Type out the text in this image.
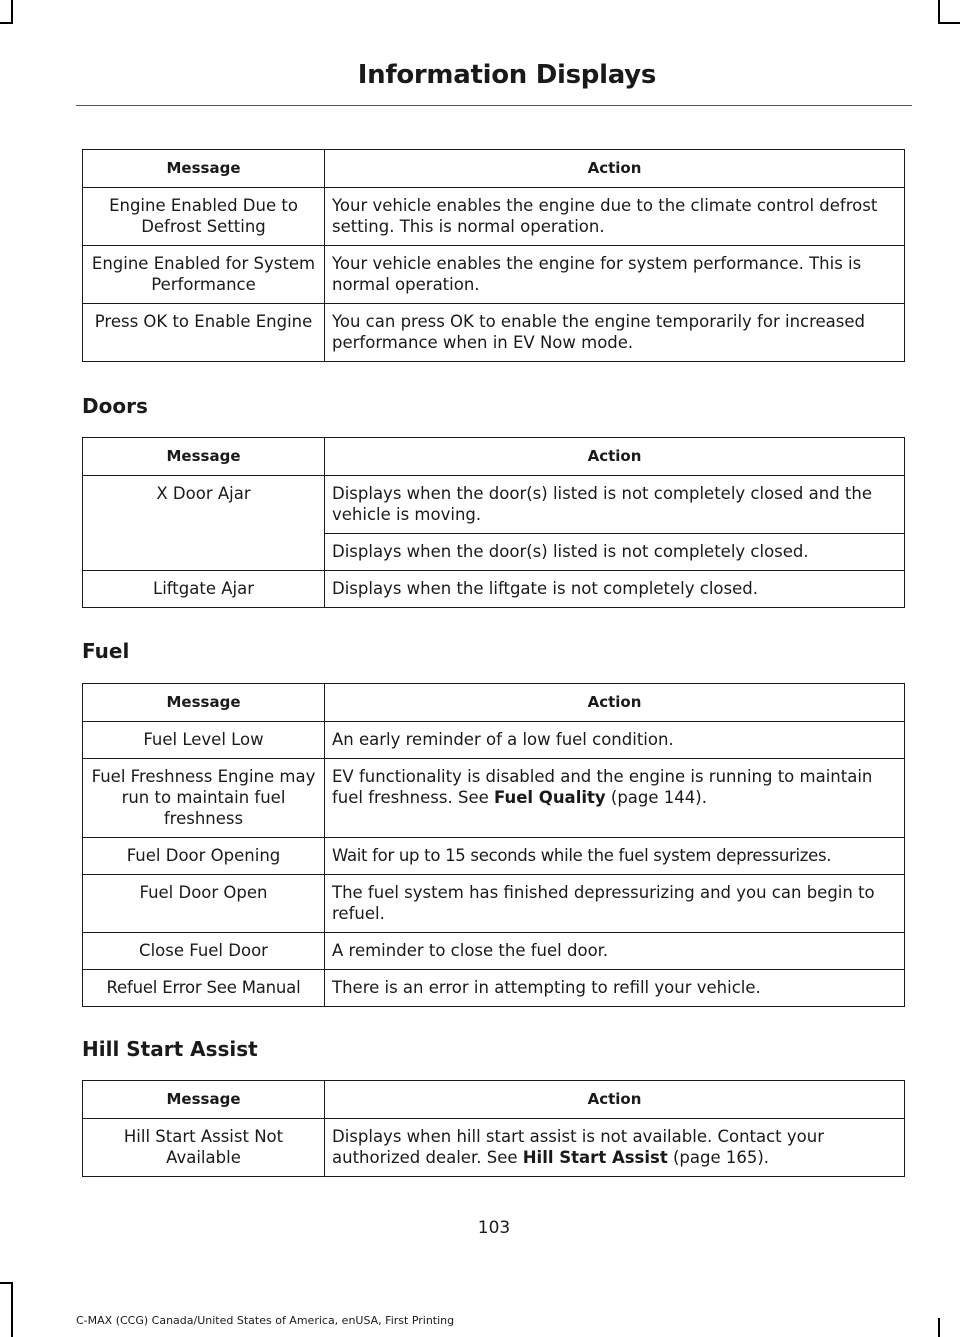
Information Displays
Message	Action
Engine Enabled Due to Defrost Setting	Your vehicle enables the engine due to the climate control defrost setting. This is normal operation.
Engine Enabled for System Performance	Your vehicle enables the engine for system performance. This is normal operation.
Press OK to Enable Engine	You can press OK to enable the engine temporarily for increased performance when in EV Now mode.
Doors
Message	Action
X Door Ajar	Displays when the door(s) listed is not completely closed and the vehicle is moving.
	Displays when the door(s) listed is not completely closed.
Liftgate Ajar	Displays when the liftgate is not completely closed.
Fuel
Message	Action
Fuel Level Low	An early reminder of a low fuel condition.
Fuel Freshness Engine may run to maintain fuel freshness	EV functionality is disabled and the engine is running to maintain fuel freshness. See Fuel Quality (page 144).
Fuel Door Opening	Wait for up to 15 seconds while the fuel system depressurizes.
Fuel Door Open	The fuel system has finished depressurizing and you can begin to refuel.
Close Fuel Door	A reminder to close the fuel door.
Refuel Error See Manual	There is an error in attempting to refill your vehicle.
Hill Start Assist
Message	Action
Hill Start Assist Not Available	Displays when hill start assist is not available. Contact your authorized dealer. See Hill Start Assist (page 165).
103
C-MAX (CCG) Canada/United States of America, enUSA, First Printing
